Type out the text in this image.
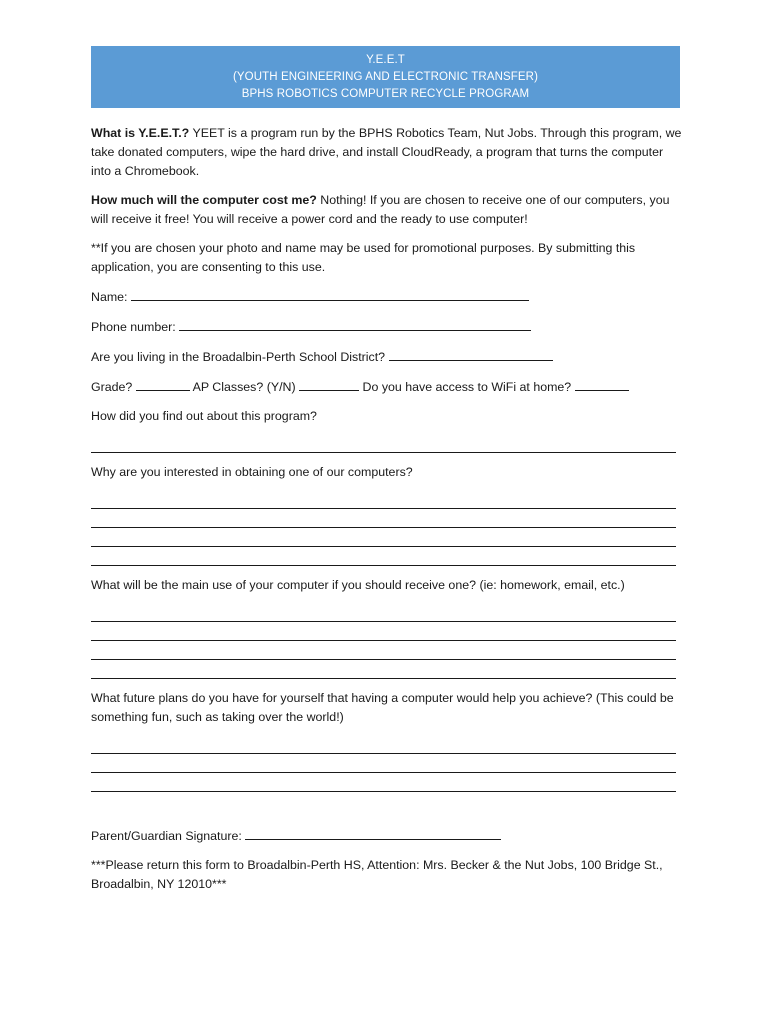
Y.E.E.T
(YOUTH ENGINEERING AND ELECTRONIC TRANSFER)
BPHS ROBOTICS COMPUTER RECYCLE PROGRAM

What is Y.E.E.T.? YEET is a program run by the BPHS Robotics Team, Nut Jobs. Through this program, we take donated computers, wipe the hard drive, and install CloudReady, a program that turns the computer into a Chromebook.

How much will the computer cost me? Nothing! If you are chosen to receive one of our computers, you will receive it free! You will receive a power cord and the ready to use computer!

**If you are chosen your photo and name may be used for promotional purposes. By submitting this application, you are consenting to this use.

Name:
Phone number:
Are you living in the Broadalbin-Perth School District?
Grade?	AP Classes? (Y/N)	Do you have access to WiFi at home?
How did you find out about this program?
Why are you interested in obtaining one of our computers?
What will be the main use of your computer if you should receive one? (ie: homework, email, etc.)
What future plans do you have for yourself that having a computer would help you achieve? (This could be something fun, such as taking over the world!)
Parent/Guardian Signature:

***Please return this form to Broadalbin-Perth HS, Attention: Mrs. Becker & the Nut Jobs, 100 Bridge St., Broadalbin, NY 12010***
